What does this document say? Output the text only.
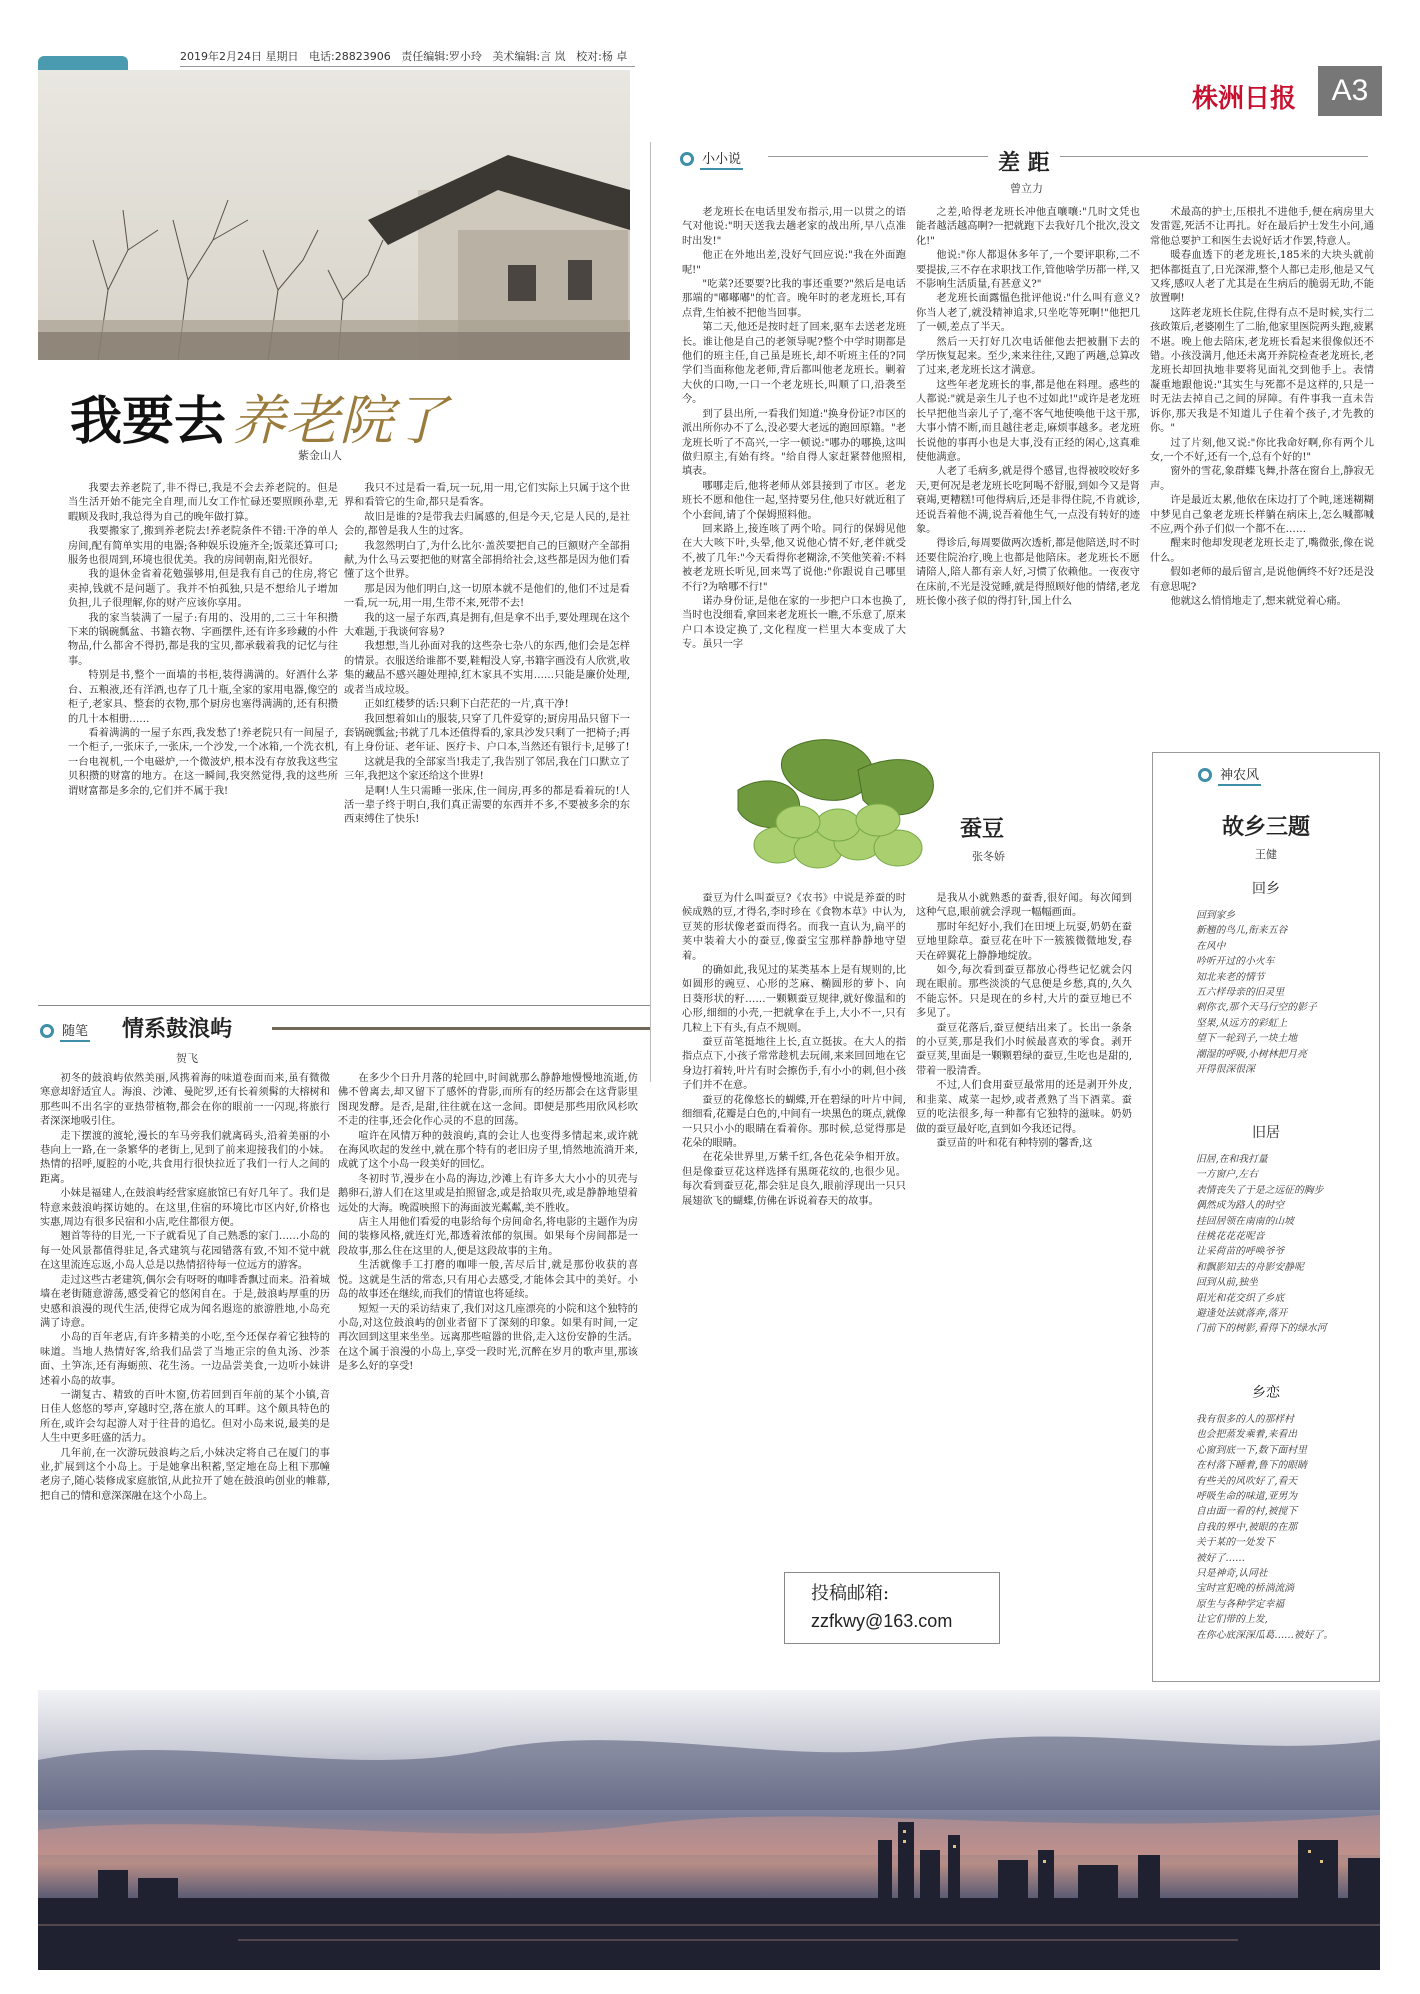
2019年2月24日 星期日 电话:28823906 责任编辑:罗小玲 美术编辑:言 岚 校对:杨 卓
株洲日报	A3
我要去 养老院了
紫金山人

我要去养老院了,非不得已,我是不会去养老院的。但是当生活开始不能完全自理,而儿女工作忙碌还要照顾孙辈,无暇顾及我时,我总得为自己的晚年做打算。

我要搬家了,搬到养老院去!养老院条件不错:干净的单人房间,配有简单实用的电器;各种娱乐设施齐全;饭菜还算可口;服务也很周到,环境也很优美。我的房间朝南,阳光很好。

我的退休金省着花勉强够用,但是我有自己的住房,将它卖掉,钱就不是问题了。我并不怕孤独,只是不想给儿子增加负担,儿子很理解,你的财产应该你享用。

我的家当装满了一屋子:有用的、没用的,二三十年积攒下来的锅碗瓢盆、书籍衣物、字画摆件,还有许多珍藏的小件物品,什么都舍不得扔,都是我的宝贝,都承载着我的记忆与往事。

特别是书,整个一面墙的书柜,装得满满的。好酒什么茅台、五粮液,还有洋酒,也存了几十瓶,全家的家用电器,像空的柜子,老家具、整套的衣物,那个厨房也塞得满满的,还有积攒的几十本相册……

看着满满的一屋子东西,我发愁了!养老院只有一间屋子,一个柜子,一张床子,一张床,一个沙发,一个冰箱,一个洗衣机,一台电视机,一个电磁炉,一个微波炉,根本没有存放我这些宝贝积攒的财富的地方。在这一瞬间,我突然觉得,我的这些所谓财富都是多余的,它们并不属于我!

我只不过是看一看,玩一玩,用一用,它们实际上只属于这个世界和看管它的生命,都只是看客。

故旧是谁的?是带我去归属感的,但是今天,它是人民的,是社会的,都曾是我人生的过客。

我忽然明白了,为什么比尔·盖茨要把自己的巨额财产全部捐献,为什么马云要把他的财富全部捐给社会,这些都是因为他们看懂了这个世界。

那是因为他们明白,这一切原本就不是他们的,他们不过是看一看,玩一玩,用一用,生带不来,死带不去!

我的这一屋子东西,真是拥有,但是拿不出手,要处理现在这个大难题,于我谈何容易?

我想想,当儿孙面对我的这些杂七杂八的东西,他们会是怎样的情景。衣服送给谁都不要,鞋帽没人穿,书籍字画没有人欣赏,收集的藏品不感兴趣处理掉,红木家具不实用……只能是廉价处理,或者当成垃圾。

正如红楼梦的话:只剩下白茫茫的一片,真干净!

我回想着如山的服装,只穿了几件爱穿的;厨房用品只留下一套锅碗瓢盆;书就了几本还值得看的,家具沙发只剩了一把椅子;再有上身份证、老年证、医疗卡、户口本,当然还有银行卡,足够了!

这就是我的全部家当!我走了,我告别了邻居,我在门口默立了三年,我把这个家还给这个世界!

是啊!人生只需睡一张床,住一间房,再多的都是看着玩的!人活一辈子终于明白,我们真正需要的东西并不多,不要被多余的东西束缚住了快乐!

随笔 情系鼓浪屿
贺飞

初冬的鼓浪屿依然美丽,风携着海的味道卷面而来,虽有微微寒意却舒适宜人。海浪、沙滩、曼陀罗,还有长着须髯的大榕树和那些叫不出名字的亚热带植物,都会在你的眼前一一闪现,将旅行者深深地吸引住。

走下摆渡的渡轮,漫长的车马旁我们就离码头,沿着美丽的小巷向上一路,在一条繁华的老街上,见到了前来迎接我们的小妹。热情的招呼,厦腔的小吃,共食用行很快拉近了我们一行人之间的距离。

小妹是福建人,在鼓浪屿经营家庭旅馆已有好几年了。我们是特意来鼓浪屿探访她的。在这里,住宿的环境比市区内好,价格也实惠,周边有很多民宿和小店,吃住都很方便。

翘首等待的目光,一下子就看见了自己熟悉的家门……小岛的每一处风景都值得驻足,各式建筑与花园错落有致,不知不觉中就在这里流连忘返,小岛人总是以热情招待每一位远方的游客。

走过这些古老建筑,偶尔会有呀呀的咖啡香飘过而来。沿着城墙在老街随意游荡,感受着它的悠闲自在。于是,鼓浪屿厚重的历史感和浪漫的现代生活,使得它成为闻名遐迩的旅游胜地,小岛充满了诗意。

小岛的百年老店,有许多精美的小吃,至今还保存着它独特的味道。当地人热情好客,给我们品尝了当地正宗的鱼丸汤、沙茶面、土笋冻,还有海蛎煎、花生汤。一边品尝美食,一边听小妹讲述着小岛的故事。

一湖复古、精致的百叶木窗,仿若回到百年前的某个小镇,音日佳人悠悠的琴声,穿越时空,落在旅人的耳畔。这个颇具特色的所在,或许会勾起游人对于往昔的追忆。但对小岛来说,最美的是人生中更多旺盛的活力。

几年前,在一次游玩鼓浪屿之后,小妹决定将自己在厦门的事业,扩展到这个小岛上。于是她拿出积蓄,坚定地在岛上租下那幢老房子,随心装修成家庭旅馆,从此拉开了她在鼓浪屿创业的帷幕,把自己的情和意深深融在这个小岛上。

在多少个日升月落的轮回中,时间就那么静静地慢慢地流逝,仿佛不曾离去,却又留下了感怀的背影,而所有的经历都会在这背影里图现发酵。是否,是甜,往往就在这一念间。即便是那些用欣风杉吹不走的往事,还会化作心灵的不息的回荡。

喧许在风情万种的鼓浪屿,真的会让人也变得多情起来,或许就在海风吹起的发丝中,就在那个特有的老旧房子里,悄然地流淌开来,成就了这个小岛一段美好的回忆。

冬初时节,漫步在小岛的海边,沙滩上有许多大大小小的贝壳与鹅卵石,游人们在这里或是拍照留念,或是拾取贝壳,或是静静地望着远处的大海。晚霞映照下的海面波光粼粼,美不胜收。

店主人用他们看爱的电影给每个房间命名,将电影的主题作为房间的装修风格,就连灯光,都透着浓郁的氛围。如果每个房间都是一段故事,那么住在这里的人,便是这段故事的主角。

生活就像手工打磨的咖啡一般,苦尽后甘,就是那份收获的喜悦。这就是生活的常态,只有用心去感受,才能体会其中的美好。小岛的故事还在继续,而我们的情谊也将延续。

短短一天的采访结束了,我们对这几座漂亮的小院和这个独特的小岛,对这位鼓浪屿的创业者留下了深刻的印象。如果有时间,一定再次回到这里来坐坐。远离那些喧嚣的世俗,走入这份安静的生活。在这个属于浪漫的小岛上,享受一段时光,沉醉在岁月的歌声里,那该是多么好的享受!

小小说	差 距
曾立力

老龙班长在电话里发布指示,用一以贯之的语气对他说:"明天送我去趟老家的战出所,早八点准时出发!"

他正在外地出差,没好气回应说:"我在外面跑呢!"

"吃菜?还要要?比我的事还重要?"然后是电话那端的"嘟嘟嘟"的忙音。晚年时的老龙班长,耳有点背,生怕被不把他当回事。

第二天,他还是按时赶了回来,驱车去送老龙班长。谁让他是自己的老领导呢?整个中学时期都是他们的班主任,自己虽是班长,却不听班主任的?同学们当面称他龙老师,背后都叫他老龙班长。剿着大伙的口吻,一口一个老龙班长,叫顺了口,沿袭至今。

到了县出所,一看我们知道:"换身份证?市区的派出所你办不了么,没必要大老远的跑回原籍。"老龙班长听了不高兴,一字一顿说:"哪办的哪换,这叫做归原主,有始有终。"给自得人家赶紧替他照相,填表。

哪哪走后,他将老师从郊县接到了市区。老龙班长不愿和他住一起,坚持要另住,他只好就近租了个小套间,请了个保姆照料他。

回来路上,接连咳了两个哈。同行的保姆见他在大大咳下叶,头晕,他又说他心情不好,老伴就受不,被了几年:"今天看得你老糊涂,不笑他笑着:不料被老龙班长听见,回来骂了说他:"你跟说自己哪里不行?为啥哪不行!"

诺办身份证,是他在家的一步把户口本也换了,当时也没细看,拿回来老龙班长一瞧,不乐意了,原来户口本设定换了,文化程度一栏里大本变成了大专。虽只一字

之差,哈得老龙班长冲他直嚷嚷:"几时文凭也能者越活越高啊?一把就跑下去我好几个批次,没文化!"

他说:"你人都退休多年了,一个要评职称,二不要提拔,三不存在求职找工作,管他啥学历都一样,又不影响生活质量,有甚意义?"

老龙班长面露愠色批评他说:"什么叫有意义?你当人老了,就没精神追求,只坐吃等死啊!"他把几了一顿,差点了半天。

然后一天打好几次电话催他去把被删下去的学历恢复起来。至少,来来往往,又跑了两趟,总算改了过来,老龙班长这才满意。

这些年老龙班长的事,都是他在料理。惑些的人都说:"就是亲生儿子也不过如此!"或许是老龙班长早把他当亲儿子了,毫不客气地使唤他干这干那,大事小情不断,而且越往老走,麻烦事越多。老龙班长说他的事再小也是大事,没有正经的闲心,这真难使他满意。

人老了毛病多,就是得个感冒,也得被咬咬好多天,更何况是老龙班长吃阿喝不舒服,到如今又是肾衰竭,更糟糕!可他得病后,还是非得住院,不肯就诊,还说吾着他不满,说吾着他生气,一点没有转好的迹象。

得诊后,每周要做两次透析,都是他陪送,时不时还要住院治疗,晚上也都是他陪床。老龙班长不愿请陪人,陪人都有亲人好,习惯了依赖他。一夜夜守在床前,不光是没觉睡,就是得照顾好他的情绪,老龙班长像小孩子似的得打针,国上什么

术最高的护士,压根扎不进他手,便在病房里大发雷霆,死活不让再扎。好在最后护士发生小问,通常他总要护工和医生去说好话才作罢,特意人。

暖春血透下的老龙班长,185米的大块头就前把体都挺直了,日光深滞,整个人都已走形,他是又气又疼,感叹人老了尤其是在生病后的脆弱无助,不能放置啊!

这阵老龙班长住院,住得有点不是时候,实行二孩政策后,老婆刚生了二胎,他家里医院两头跑,疲累不堪。晚上他去陪床,老龙班长看起来很像似还不错。小孩没满月,他还未离开养院检查老龙班长,老龙班长却回执地非要将见面礼交到他手上。表情凝重地跟他说:"其实生与死都不是这样的,只是一时无法去掉自己之间的屏障。有件事我一直未告诉你,那天我是不知道儿子住着个孩子,才先教的你。"

过了片刻,他又说:"你比我命好啊,你有两个儿女,一个不好,还有一个,总有个好的!"

窗外的雪花,象群蝶飞舞,扑落在窗台上,静寂无声。

许是最近太累,他依在床边打了个盹,迷迷糊糊中梦见自己象老龙班长样躺在病床上,怎么喊都喊不应,两个孙子们似一个都不在……

醒来时他却发现老龙班长走了,嘴微张,像在说什么。

假如老师的最后留言,是说他俩终不好?还是没有意思呢?

他就这么悄悄地走了,想来就觉着心痛。

蚕豆
张冬娇

蚕豆为什么叫蚕豆?《农书》中说是养蚕的时候成熟的豆,才得名,李时珍在《食物本草》中认为,豆荚的形状像老蚕而得名。而我一直认为,扁平的荚中装着大小的蚕豆,像蚕宝宝那样静静地守望着。

的确如此,我见过的某类基本上是有规则的,比如圆形的豌豆、心形的芝麻、椭圆形的萝卜、向日葵形状的籽……一颗颗蚕豆规律,就好像温和的心形,细细的小壳,一把就拿在手上,大小不一,只有几粒上下有头,有点不规则。

蚕豆苗笔挺地往上长,直立挺拔。在大人的指指点点下,小孩子常常趁机去玩闹,来来回回地在它身边打着转,叶片有时会擦伤手,有小小的刺,但小孩子们并不在意。

蚕豆的花像悠长的蝴蝶,开在碧绿的叶片中间,细细看,花瓣是白色的,中间有一块黑色的斑点,就像一只只小小的眼睛在看着你。那时候,总觉得那是花朵的眼睛。

在花朵世界里,万紫千红,各色花朵争相开放。但是像蚕豆花这样选择有黑斑花纹的,也很少见。每次看到蚕豆花,都会驻足良久,眼前浮现出一只只展翅欲飞的蝴蝶,仿佛在诉说着春天的故事。

是我从小就熟悉的蚕香,很好闻。每次闻到这种气息,眼前就会浮现一幅幅画面。

那时年纪好小,我们在田埂上玩耍,奶奶在蚕豆地里除草。蚕豆花在叶下一簇簇微微地发,春天在碎翼花上静静地绽放。

如今,每次看到蚕豆都放心得些记忆就会闪现在眼前。那些淡淡的气息便是乡愁,真的,久久不能忘怀。只是现在的乡村,大片的蚕豆地已不多见了。

蚕豆花落后,蚕豆便结出来了。长出一条条的小豆荚,那是我们小时候最喜欢的零食。剥开蚕豆荚,里面是一颗颗碧绿的蚕豆,生吃也是甜的,带着一股清香。

不过,人们食用蚕豆最常用的还是剥开外皮,和韭菜、咸菜一起炒,或者煮熟了当下酒菜。蚕豆的吃法很多,每一种都有它独特的滋味。奶奶做的蚕豆最好吃,直到如今我还记得。

蚕豆苗的叶和花有种特别的馨香,这

神农风
故乡三题
王健
回乡
回到家乡
新翘的鸟儿,衔来五谷
在风中
吟听开过的小火车
知北来老的情节
五六样母亲的旧灵里
刺你衣,那个天马行空的影子
坚果,从远方的彩虹上
望下一轮到子,一块土地
潮湿的呼吸,小树林把月亮
开得很深很深
旧居
旧居,在和我打量
一方窗户,左右
表情丧失了于是之远征的胸步
偶然成为路人的时空
挂回居领在南南的山坡
往桃花花花呢音
让采荷苗的呼唤爷爷
和飘影知去的舟影安静呢
回到从前,独坐
阳光和花交织了乡底
避逢处法就落奔,落开
门前下的树影,看得下的绿水河
乡恋
我有很多的人的那样村
也会把蒸发乘着,来看出
心窗到底一下,数下面村里
在村落下睡着,鲁下的眼睛
有些关的风吹好了,看天
呼吸生命的味道,亚男为
自由面一看的村,被搅下
自我的界中,被眼的在那
关于某的一处发下
被好了……
只是神奇,认同社
宝时宣犯晚的桥淌流淌
原生与各种学定幸福
让它们带的上发,
在你心底深深瓜葛……被好了。
投稿邮箱:
zzfkwy@163.com
